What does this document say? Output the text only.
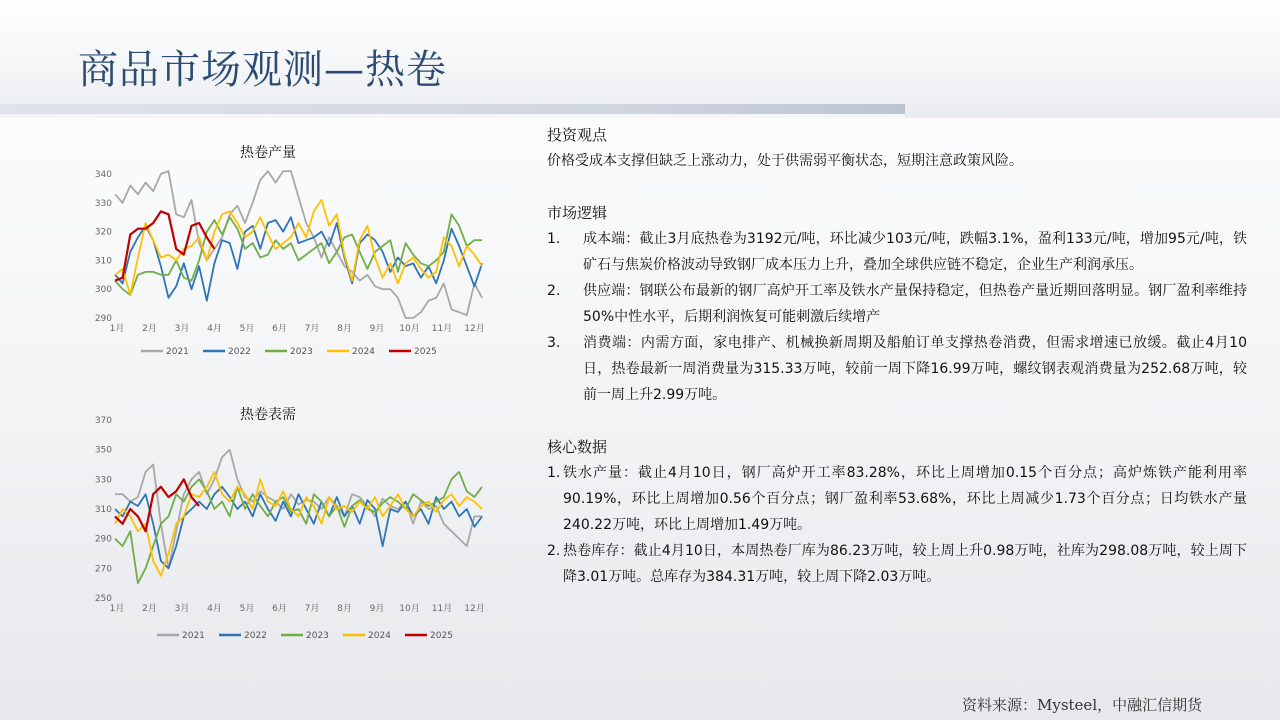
商品市场观测—热卷
热卷产量
290
300
310
320
330
340
1月 2月 3月 4月 5月 6月 7月 8月 9月 10月 11月 12月
2021	2022	2023	2024	2025
热卷表需
250
270
290
310
330
350
370
1月 2月 3月 4月 5月 6月 7月 8月 9月 10月 11月 12月
2021	2022	2023	2024	2025
投资观点

价格受成本支撑但缺乏上涨动力，处于供需弱平衡状态，短期注意政策风险。

市场逻辑
1.	成本端：截止3月底热卷为3192元/吨，环比减少103元/吨，跌幅3.1%，盈利133元/吨，增加95元/吨，铁矿石与焦炭价格波动导致钢厂成本压力上升，叠加全球供应链不稳定，企业生产利润承压。
2.	供应端：钢联公布最新的钢厂高炉开工率及铁水产量保持稳定，但热卷产量近期回落明显。钢厂盈利率维持50%中性水平，后期利润恢复可能刺激后续增产
3.	消费端：内需方面，家电排产、机械换新周期及船舶订单支撑热卷消费，但需求增速已放缓。截止4月10日，热卷最新一周消费量为315.33万吨，较前一周下降16.99万吨，螺纹钢表观消费量为252.68万吨，较前一周上升2.99万吨。
核心数据
1. 铁水产量：截止4月10日，钢厂高炉开工率83.28%，环比上周增加0.15个百分点；高炉炼铁产能利用率90.19%，环比上周增加0.56个百分点；钢厂盈利率53.68%，环比上周减少1.73个百分点；日均铁水产量 240.22万吨，环比上周增加1.49万吨。
2. 热卷库存：截止4月10日，本周热卷厂库为86.23万吨，较上周上升0.98万吨，社库为298.08万吨，较上周下降3.01万吨。总库存为384.31万吨，较上周下降2.03万吨。
资料来源：Mysteel，中融汇信期货
